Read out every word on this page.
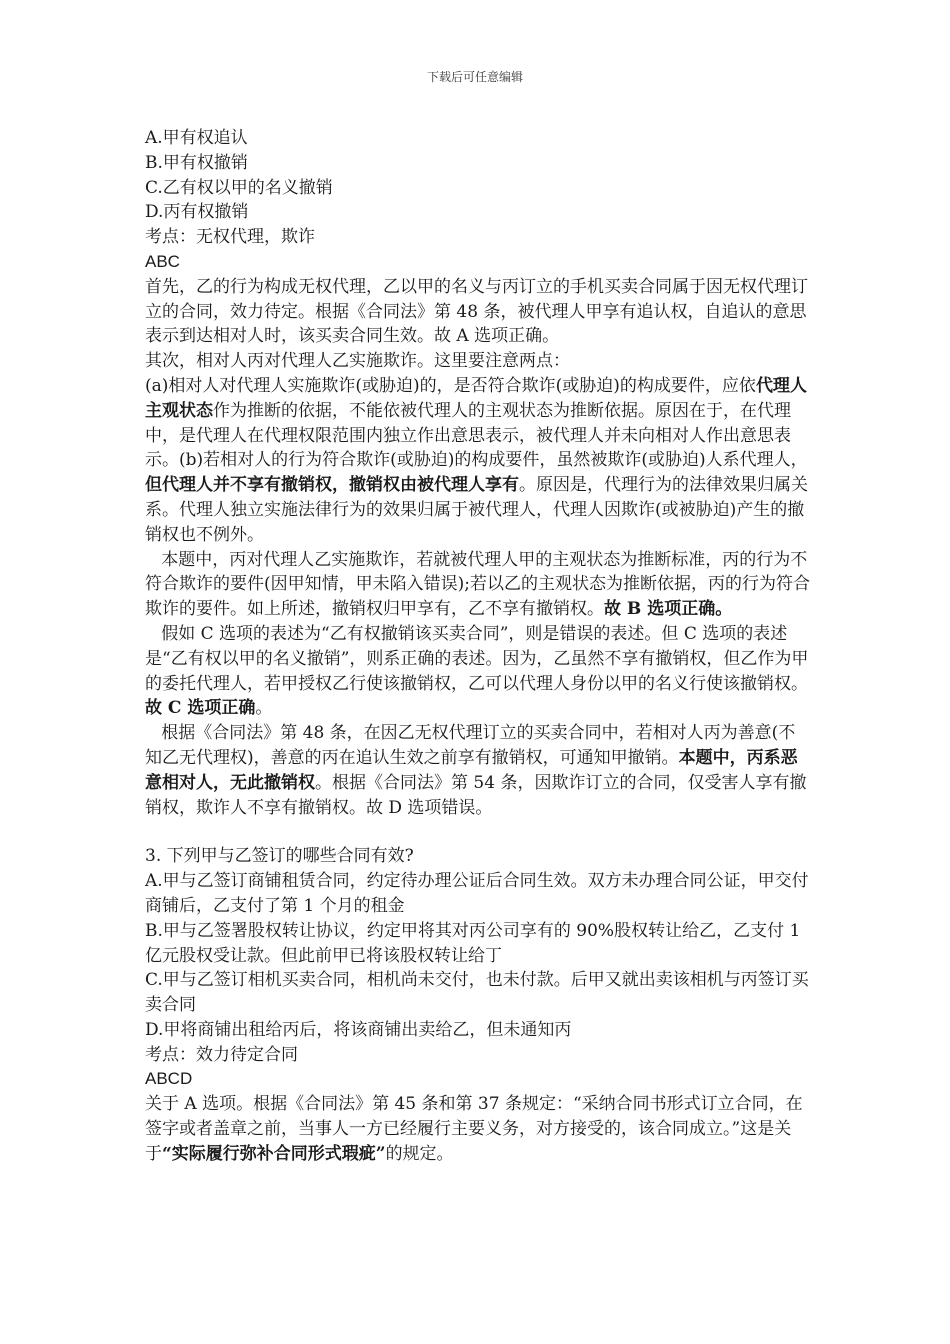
下载后可任意编辑

A.甲有权追认

B.甲有权撤销

C.乙有权以甲的名义撤销

D.丙有权撤销

考点：无权代理，欺诈

ABC

首先，乙的行为构成无权代理，乙以甲的名义与丙订立的手机买卖合同属于因无权代理订立的合同，效力待定。根据《合同法》第 48 条，被代理人甲享有追认权，自追认的意思表示到达相对人时，该买卖合同生效。故 A 选项正确。

其次，相对人丙对代理人乙实施欺诈。这里要注意两点：

(a)相对人对代理人实施欺诈(或胁迫)的，是否符合欺诈(或胁迫)的构成要件，应依代理人主观状态作为推断的依据，不能依被代理人的主观状态为推断依据。原因在于，在代理中，是代理人在代理权限范围内独立作出意思表示，被代理人并未向相对人作出意思表示。(b)若相对人的行为符合欺诈(或胁迫)的构成要件，虽然被欺诈(或胁迫)人系代理人，但代理人并不享有撤销权，撤销权由被代理人享有。原因是，代理行为的法律效果归属关系。代理人独立实施法律行为的效果归属于被代理人，代理人因欺诈(或被胁迫)产生的撤销权也不例外。

本题中，丙对代理人乙实施欺诈，若就被代理人甲的主观状态为推断标准，丙的行为不符合欺诈的要件(因甲知情，甲未陷入错误);若以乙的主观状态为推断依据，丙的行为符合欺诈的要件。如上所述，撤销权归甲享有，乙不享有撤销权。故 B 选项正确。

假如 C 选项的表述为“乙有权撤销该买卖合同”，则是错误的表述。但 C 选项的表述是“乙有权以甲的名义撤销”，则系正确的表述。因为，乙虽然不享有撤销权，但乙作为甲的委托代理人，若甲授权乙行使该撤销权，乙可以代理人身份以甲的名义行使该撤销权。故 C 选项正确。

根据《合同法》第 48 条，在因乙无权代理订立的买卖合同中，若相对人丙为善意(不知乙无代理权)，善意的丙在追认生效之前享有撤销权，可通知甲撤销。本题中，丙系恶意相对人，无此撤销权。根据《合同法》第 54 条，因欺诈订立的合同，仅受害人享有撤销权，欺诈人不享有撤销权。故 D 选项错误。

3. 下列甲与乙签订的哪些合同有效?

A.甲与乙签订商铺租赁合同，约定待办理公证后合同生效。双方未办理合同公证，甲交付商铺后，乙支付了第 1 个月的租金

B.甲与乙签署股权转让协议，约定甲将其对丙公司享有的 90%股权转让给乙，乙支付 1 亿元股权受让款。但此前甲已将该股权转让给丁

C.甲与乙签订相机买卖合同，相机尚未交付，也未付款。后甲又就出卖该相机与丙签订买卖合同

D.甲将商铺出租给丙后，将该商铺出卖给乙，但未通知丙

考点：效力待定合同

ABCD

关于 A 选项。根据《合同法》第 45 条和第 37 条规定：“采纳合同书形式订立合同，在签字或者盖章之前，当事人一方已经履行主要义务，对方接受的，该合同成立。”这是关于“实际履行弥补合同形式瑕疵”的规定。
